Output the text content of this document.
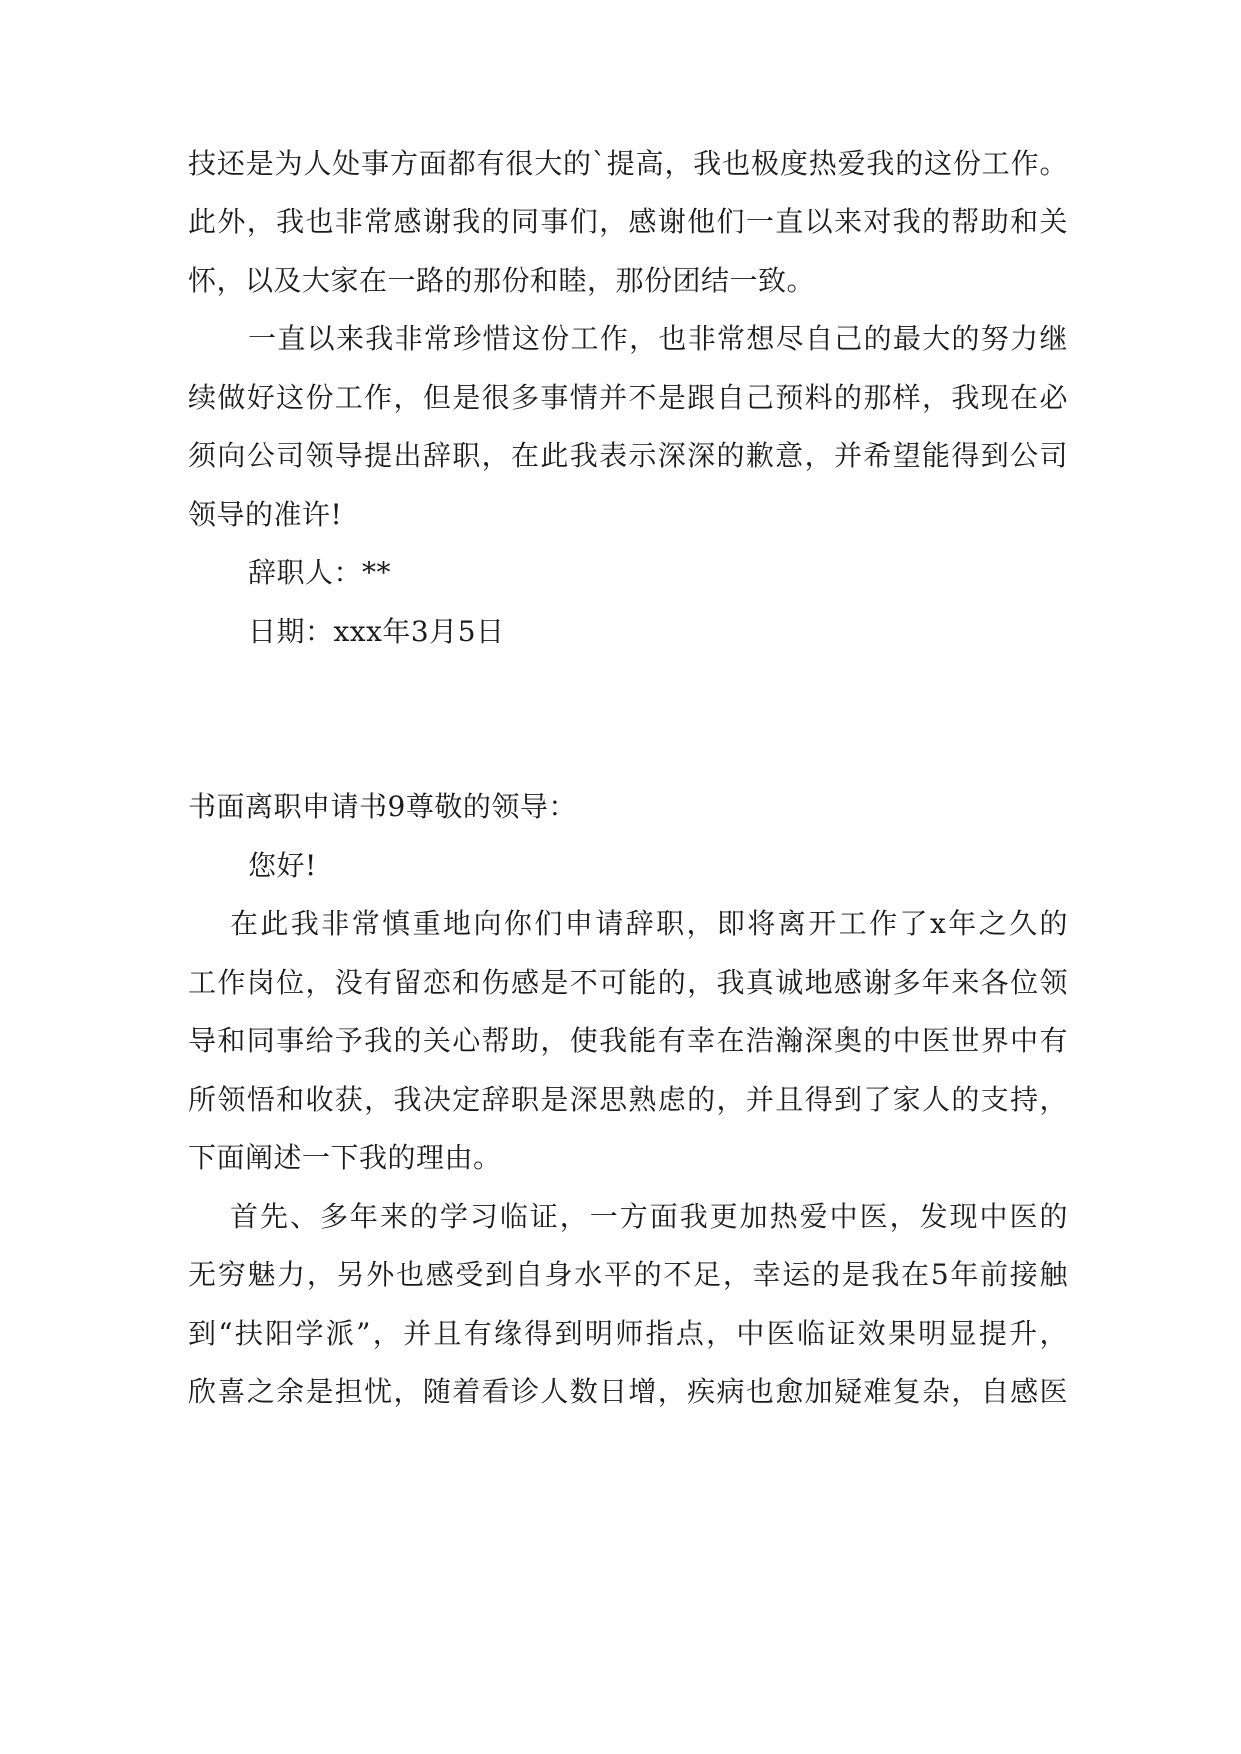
技还是为人处事方面都有很大的`提高，我也极度热爱我的这份工作。
此外，我也非常感谢我的同事们，感谢他们一直以来对我的帮助和关
怀，以及大家在一路的那份和睦，那份团结一致。
一直以来我非常珍惜这份工作，也非常想尽自己的最大的努力继
续做好这份工作，但是很多事情并不是跟自己预料的那样，我现在必
须向公司领导提出辞职，在此我表示深深的歉意，并希望能得到公司
领导的准许!
辞职人：**
日期：xxx年3月5日
书面离职申请书9尊敬的领导：
您好!
在此我非常慎重地向你们申请辞职，即将离开工作了x年之久的
工作岗位，没有留恋和伤感是不可能的，我真诚地感谢多年来各位领
导和同事给予我的关心帮助，使我能有幸在浩瀚深奥的中医世界中有
所领悟和收获，我决定辞职是深思熟虑的，并且得到了家人的支持，
下面阐述一下我的理由。
首先、多年来的学习临证，一方面我更加热爱中医，发现中医的
无穷魅力，另外也感受到自身水平的不足，幸运的是我在5年前接触
到“扶阳学派”，并且有缘得到明师指点，中医临证效果明显提升，
欣喜之余是担忧，随着看诊人数日增，疾病也愈加疑难复杂，自感医
